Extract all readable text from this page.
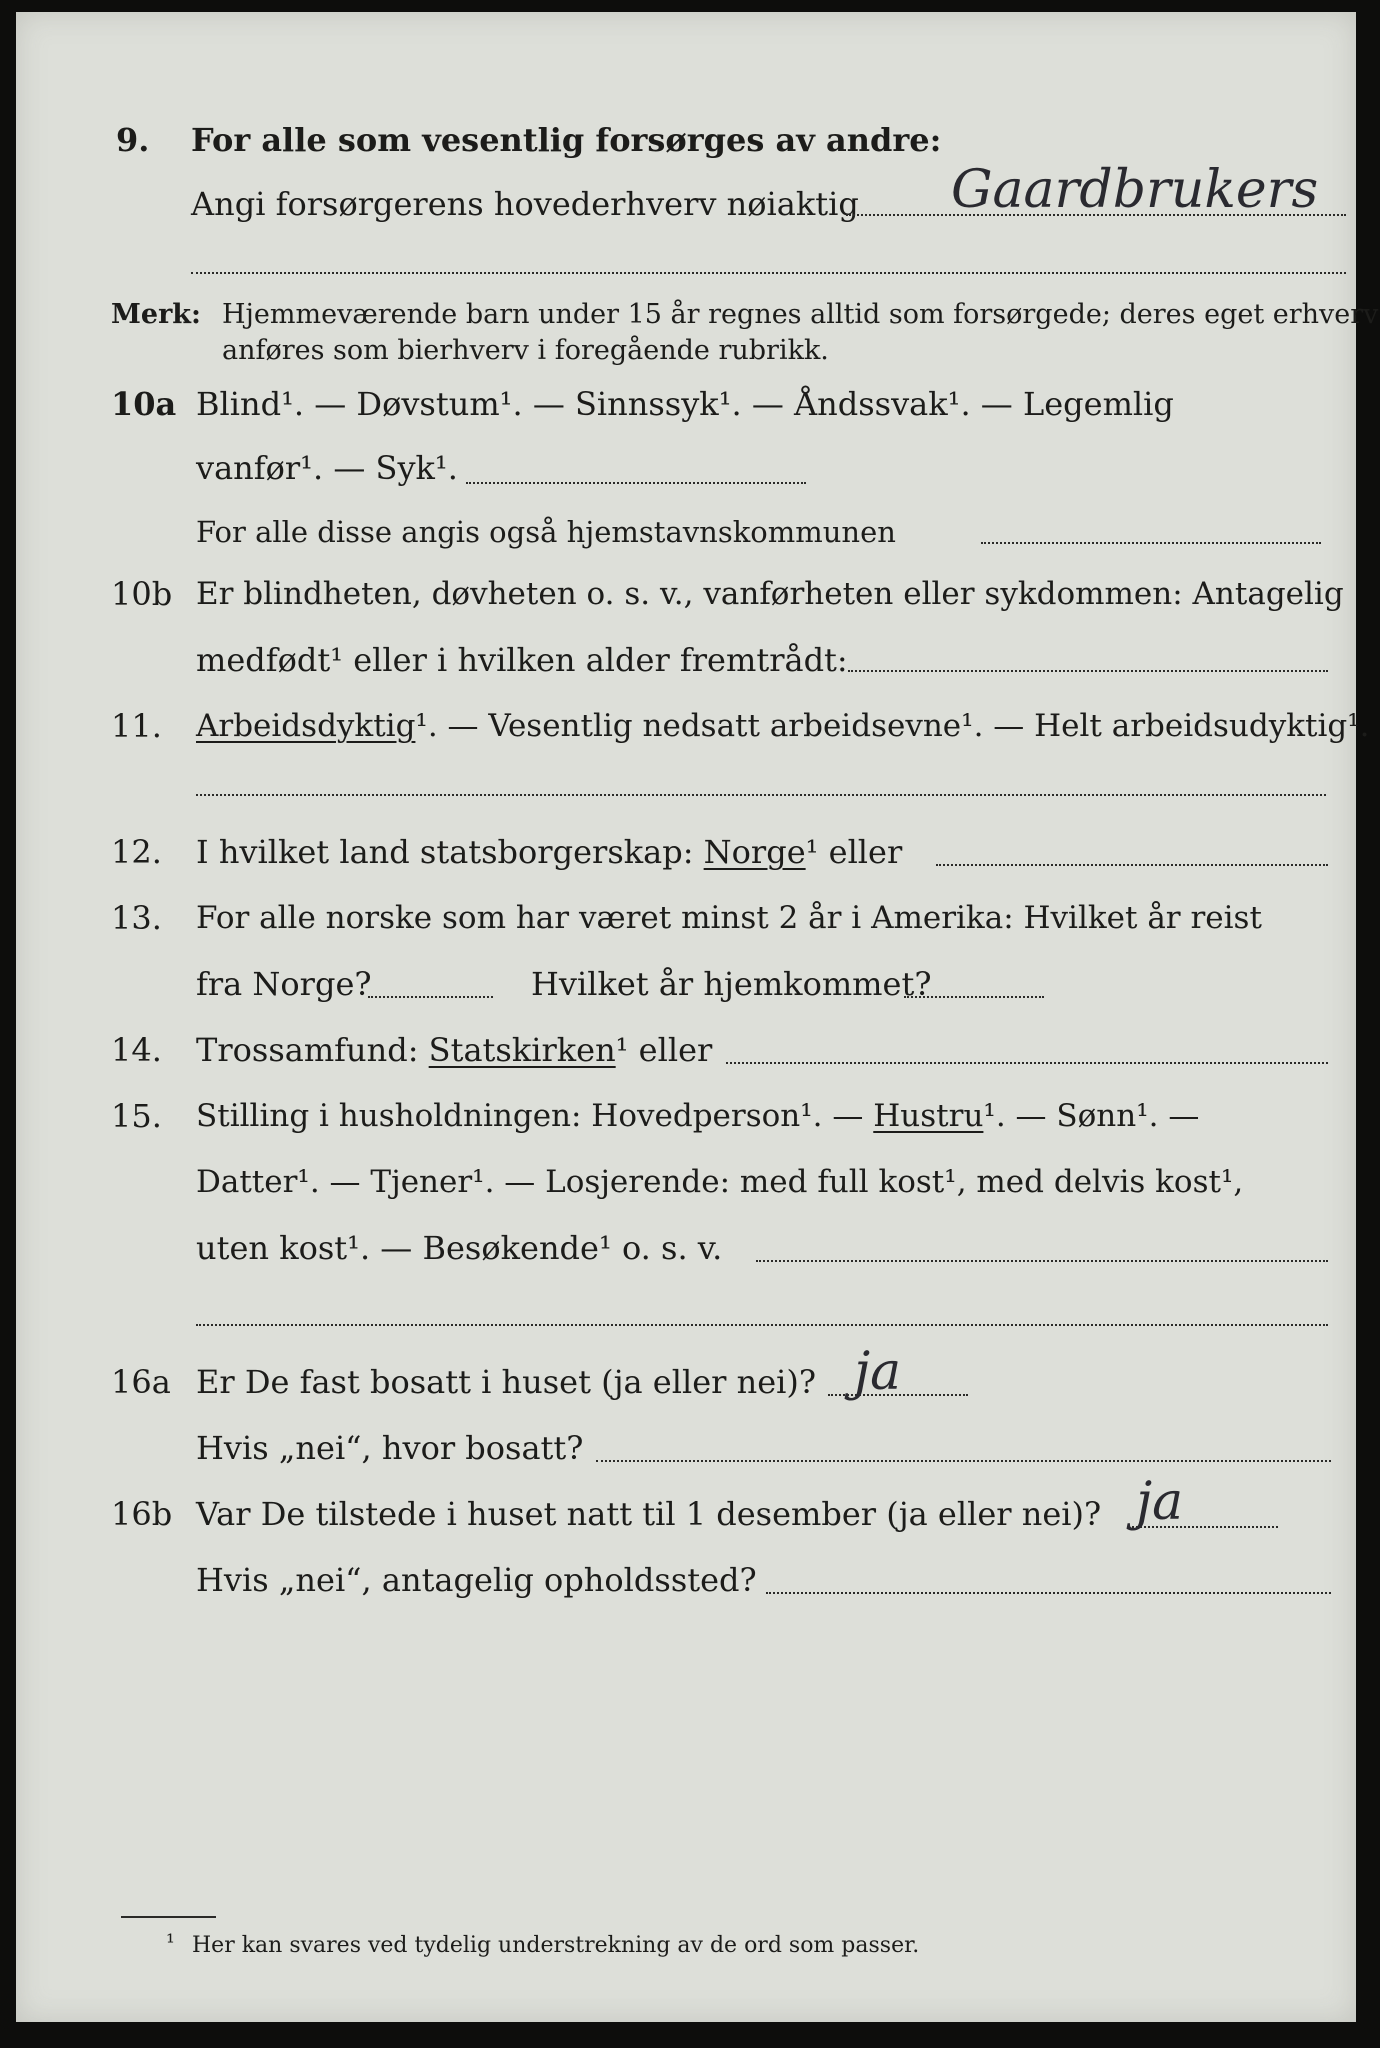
9. For alle som vesentlig forsørges av andre:
Angi forsørgerens hovederhverv nøiaktig Gaardbrukers
Merk: Hjemmeværende barn under 15 år regnes alltid som forsørgede; deres eget erhverv
anføres som bierhverv i foregående rubrikk.
10a Blind¹. — Døvstum¹. — Sinnssyk¹. — Åndssvak¹. — Legemlig
vanfør¹. — Syk¹.
For alle disse angis også hjemstavnskommunen
10b Er blindheten, døvheten o. s. v., vanførheten eller sykdommen: Antagelig
medfødt¹ eller i hvilken alder fremtrådt:
11. Arbeidsdyktig¹. — Vesentlig nedsatt arbeidsevne¹. — Helt arbeidsudyktig¹.
12. I hvilket land statsborgerskap: Norge¹ eller
13. For alle norske som har været minst 2 år i Amerika: Hvilket år reist
fra Norge?	Hvilket år hjemkommet?
14. Trossamfund: Statskirken¹ eller
15. Stilling i husholdningen: Hovedperson¹. — Hustru¹. — Sønn¹. —
Datter¹. — Tjener¹. — Losjerende: med full kost¹, med delvis kost¹,
uten kost¹. — Besøkende¹ o. s. v.
16a Er De fast bosatt i huset (ja eller nei)? ja
Hvis „nei“, hvor bosatt?
16b Var De tilstede i huset natt til 1 desember (ja eller nei)? ja
Hvis „nei“, antagelig opholdssted?
¹ Her kan svares ved tydelig understrekning av de ord som passer.
